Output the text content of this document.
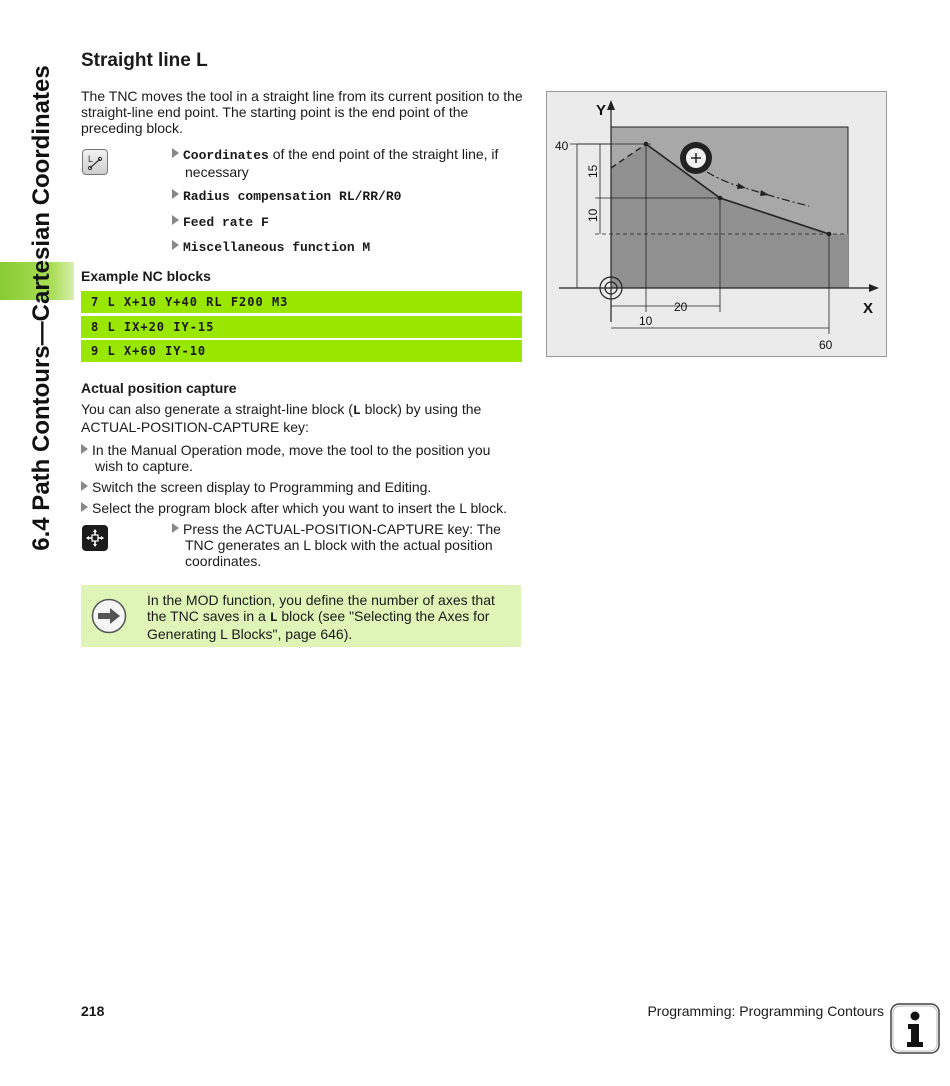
6.4 Path Contours—Cartesian Coordinates
Straight line L

The TNC moves the tool in a straight line from its current position to the straight-line end point. The starting point is the end point of the preceding block.

L	Coordinates of the end point of the straight line, if
necessary
Radius compensation RL/RR/R0
Feed rate F
Miscellaneous function M
Example NC blocks
7 L X+10 Y+40 RL F200 M3
8 L IX+20 IY-15
9 L X+60 IY-10
Actual position capture

You can also generate a straight-line block (L block) by using the
ACTUAL-POSITION-CAPTURE key:

In the Manual Operation mode, move the tool to the position you
wish to capture.
Switch the screen display to Programming and Editing.
Select the program block after which you want to insert the L block.
Press the ACTUAL-POSITION-CAPTURE key: The
TNC generates an L block with the actual position
coordinates.
In the MOD function, you define the number of axes that
the TNC saves in a L block (see "Selecting the Axes for
Generating L Blocks", page 646).
Y
X
40
15
10
20
10
60
218	Programming: Programming Contours
